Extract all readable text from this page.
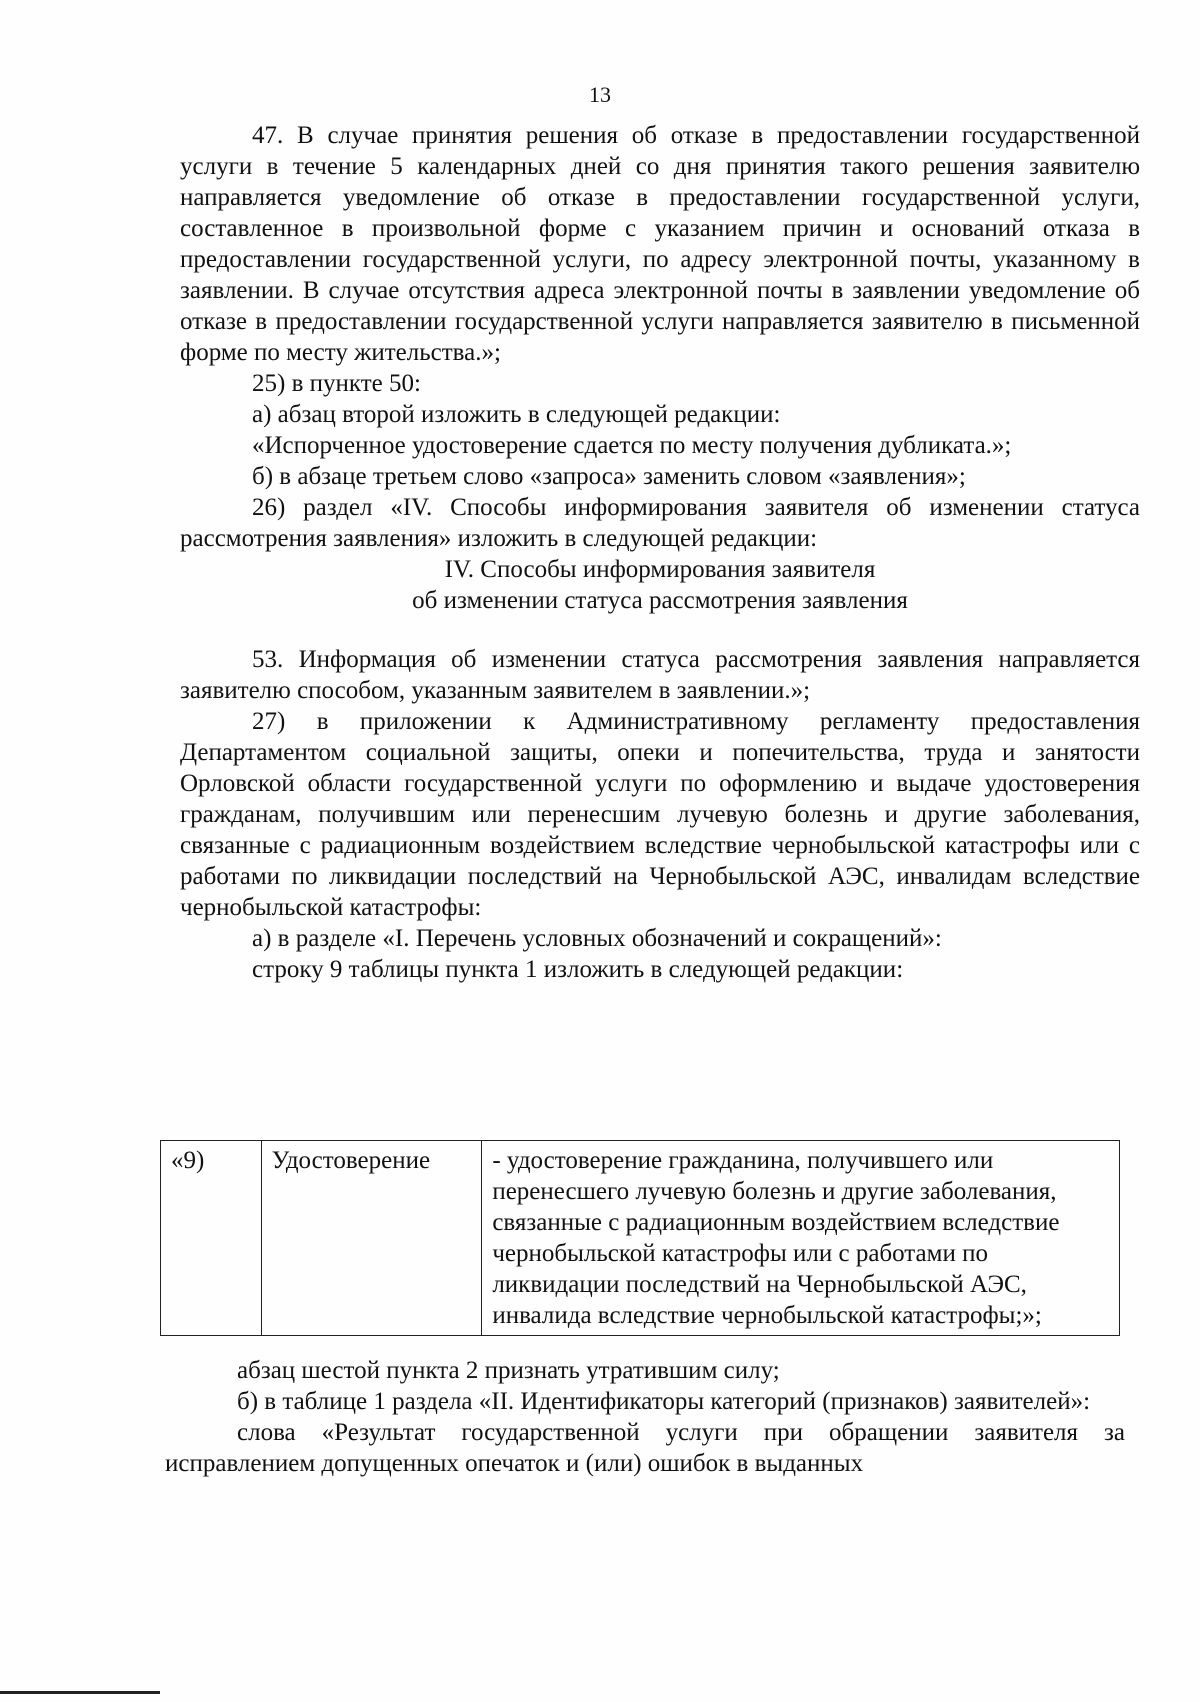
13

47. В случае принятия решения об отказе в предоставлении государственной услуги в течение 5 календарных дней со дня принятия такого решения заявителю направляется уведомление об отказе в предоставлении государственной услуги, составленное в произвольной форме с указанием причин и оснований отказа в предоставлении государственной услуги, по адресу электронной почты, указанному в заявлении. В случае отсутствия адреса электронной почты в заявлении уведомление об отказе в предоставлении государственной услуги направляется заявителю в письменной форме по месту жительства.»;

25) в пункте 50:

а) абзац второй изложить в следующей редакции:

«Испорченное удостоверение сдается по месту получения дубликата.»;

б) в абзаце третьем слово «запроса» заменить словом «заявления»;

26) раздел «IV. Способы информирования заявителя об изменении статуса рассмотрения заявления» изложить в следующей редакции:

IV. Способы информирования заявителя

об изменении статуса рассмотрения заявления

53. Информация об изменении статуса рассмотрения заявления направляется заявителю способом, указанным заявителем в заявлении.»;

27) в приложении к Административному регламенту предоставления Департаментом социальной защиты, опеки и попечительства, труда и занятости Орловской области государственной услуги по оформлению и выдаче удостоверения гражданам, получившим или перенесшим лучевую болезнь и другие заболевания, связанные с радиационным воздействием вследствие чернобыльской катастрофы или с работами по ликвидации последствий на Чернобыльской АЭС, инвалидам вследствие чернобыльской катастрофы:

а) в разделе «I. Перечень условных обозначений и сокращений»:

строку 9 таблицы пункта 1 изложить в следующей редакции:

«9)	Удостоверение	- удостоверение гражданина, получившего или перенесшего лучевую болезнь и другие заболевания, связанные с радиационным воздействием вследствие чернобыльской катастрофы или с работами по ликвидации последствий на Чернобыльской АЭС, инвалида вследствие чернобыльской катастрофы;»;

абзац шестой пункта 2 признать утратившим силу;

б) в таблице 1 раздела «II. Идентификаторы категорий (признаков) заявителей»:

слова «Результат государственной услуги при обращении заявителя за исправлением допущенных опечаток и (или) ошибок в выданных
